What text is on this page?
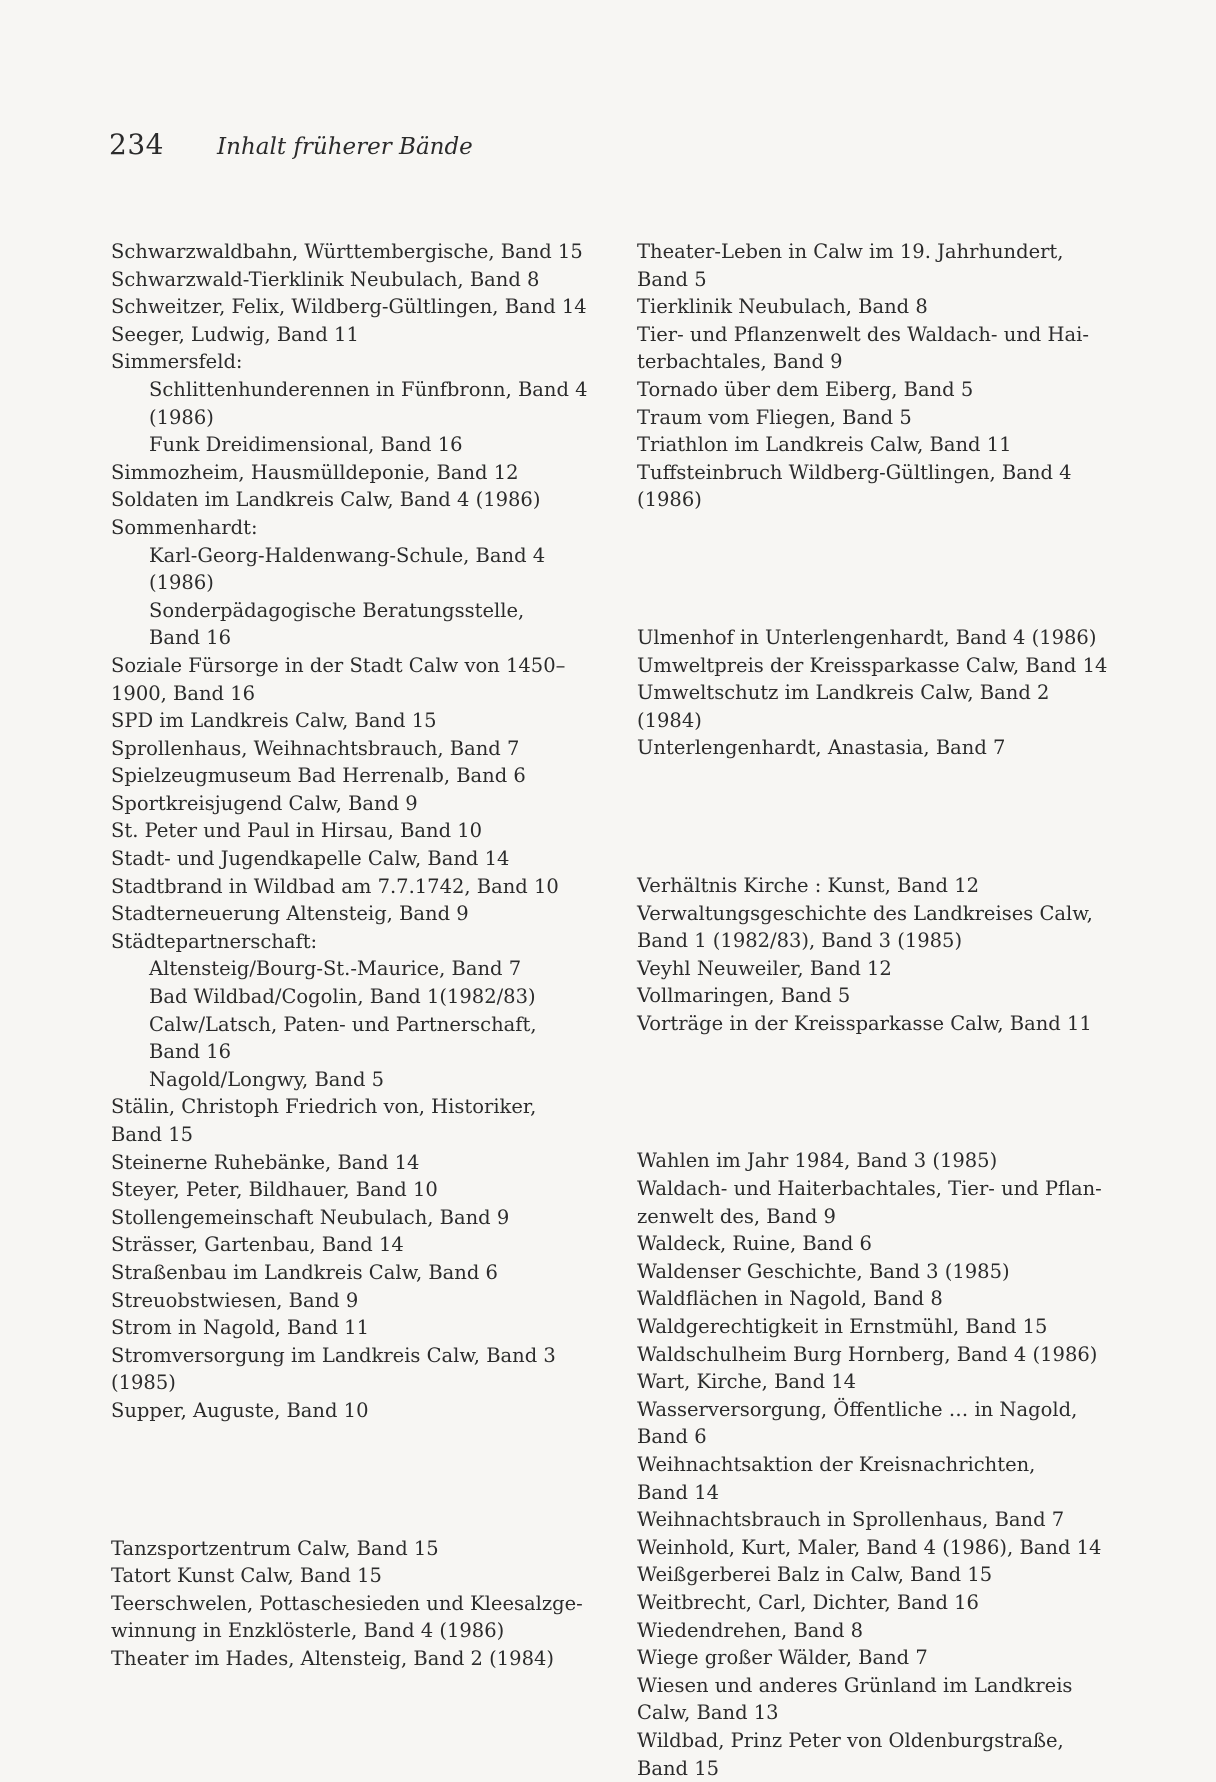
234 Inhalt früherer Bände
Schwarzwaldbahn, Württembergische, Band 15
Schwarzwald-Tierklinik Neubulach, Band 8
Schweitzer, Felix, Wildberg-Gültlingen, Band 14
Seeger, Ludwig, Band 11
Simmersfeld:
Schlittenhunderennen in Fünfbronn, Band 4
(1986)
Funk Dreidimensional, Band 16
Simmozheim, Hausmülldeponie, Band 12
Soldaten im Landkreis Calw, Band 4 (1986)
Sommenhardt:
Karl-Georg-Haldenwang-Schule, Band 4
(1986)
Sonderpädagogische Beratungsstelle,
Band 16
Soziale Fürsorge in der Stadt Calw von 1450–
1900, Band 16
SPD im Landkreis Calw, Band 15
Sprollenhaus, Weihnachtsbrauch, Band 7
Spielzeugmuseum Bad Herrenalb, Band 6
Sportkreisjugend Calw, Band 9
St. Peter und Paul in Hirsau, Band 10
Stadt- und Jugendkapelle Calw, Band 14
Stadtbrand in Wildbad am 7.7.1742, Band 10
Stadterneuerung Altensteig, Band 9
Städtepartnerschaft:
Altensteig/Bourg-St.-Maurice, Band 7
Bad Wildbad/Cogolin, Band 1(1982/83)
Calw/Latsch, Paten- und Partnerschaft,
Band 16
Nagold/Longwy, Band 5
Stälin, Christoph Friedrich von, Historiker,
Band 15
Steinerne Ruhebänke, Band 14
Steyer, Peter, Bildhauer, Band 10
Stollengemeinschaft Neubulach, Band 9
Strässer, Gartenbau, Band 14
Straßenbau im Landkreis Calw, Band 6
Streuobstwiesen, Band 9
Strom in Nagold, Band 11
Stromversorgung im Landkreis Calw, Band 3
(1985)
Supper, Auguste, Band 10
Tanzsportzentrum Calw, Band 15
Tatort Kunst Calw, Band 15
Teerschwelen, Pottaschesieden und Kleesalzge-
winnung in Enzklösterle, Band 4 (1986)
Theater im Hades, Altensteig, Band 2 (1984)
Theater-Leben in Calw im 19. Jahrhundert,
Band 5
Tierklinik Neubulach, Band 8
Tier- und Pflanzenwelt des Waldach- und Hai-
terbachtales, Band 9
Tornado über dem Eiberg, Band 5
Traum vom Fliegen, Band 5
Triathlon im Landkreis Calw, Band 11
Tuffsteinbruch Wildberg-Gültlingen, Band 4
(1986)
Ulmenhof in Unterlengenhardt, Band 4 (1986)
Umweltpreis der Kreissparkasse Calw, Band 14
Umweltschutz im Landkreis Calw, Band 2
(1984)
Unterlengenhardt, Anastasia, Band 7
Verhältnis Kirche : Kunst, Band 12
Verwaltungsgeschichte des Landkreises Calw,
Band 1 (1982/83), Band 3 (1985)
Veyhl Neuweiler, Band 12
Vollmaringen, Band 5
Vorträge in der Kreissparkasse Calw, Band 11
Wahlen im Jahr 1984, Band 3 (1985)
Waldach- und Haiterbachtales, Tier- und Pflan-
zenwelt des, Band 9
Waldeck, Ruine, Band 6
Waldenser Geschichte, Band 3 (1985)
Waldflächen in Nagold, Band 8
Waldgerechtigkeit in Ernstmühl, Band 15
Waldschulheim Burg Hornberg, Band 4 (1986)
Wart, Kirche, Band 14
Wasserversorgung, Öffentliche … in Nagold,
Band 6
Weihnachtsaktion der Kreisnachrichten,
Band 14
Weihnachtsbrauch in Sprollenhaus, Band 7
Weinhold, Kurt, Maler, Band 4 (1986), Band 14
Weißgerberei Balz in Calw, Band 15
Weitbrecht, Carl, Dichter, Band 16
Wiedendrehen, Band 8
Wiege großer Wälder, Band 7
Wiesen und anderes Grünland im Landkreis
Calw, Band 13
Wildbad, Prinz Peter von Oldenburgstraße,
Band 15
